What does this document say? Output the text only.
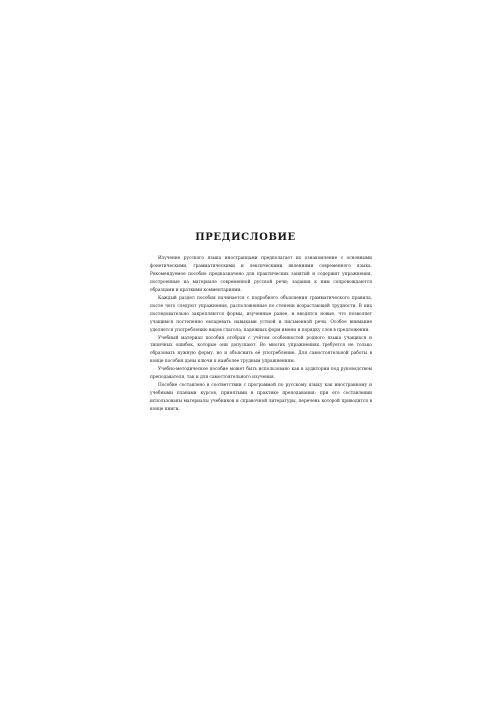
ПРЕДИСЛОВИЕ

Изучение русского языка иностранцами предполагает их ознакомление с основными фонетическими, грамматическими и лексическими явлениями современного языка. Рекомендуемое пособие предназначено для практических занятий и содержит упражнения, построенные на материале современной русской речи; задания к ним сопровождаются образцами и краткими комментариями.

Каждый раздел пособия начинается с подробного объяснения грамматического правила, после чего следуют упражнения, расположенные по степени возрастающей трудности. В них последовательно закрепляются формы, изученные ранее, и вводятся новые, что позволяет учащимся постепенно овладевать навыками устной и письменной речи. Особое внимание уделяется употреблению видов глагола, падежных форм имени и порядку слов в предложении.

Учебный материал пособия отобран с учётом особенностей родного языка учащихся и типичных ошибок, которые они допускают. Во многих упражнениях требуется не только образовать нужную форму, но и объяснить её употребление. Для самостоятельной работы в конце пособия даны ключи к наиболее трудным упражнениям.

Учебно-методическое пособие может быть использовано как в аудитории под руководством преподавателя, так и для самостоятельного изучения.

Пособие составлено в соответствии с программой по русскому языку как иностранному и учебными планами курсов, принятыми в практике преподавания; при его составлении использованы материалы учебников и справочной литературы, перечень которой приводится в конце книги.
